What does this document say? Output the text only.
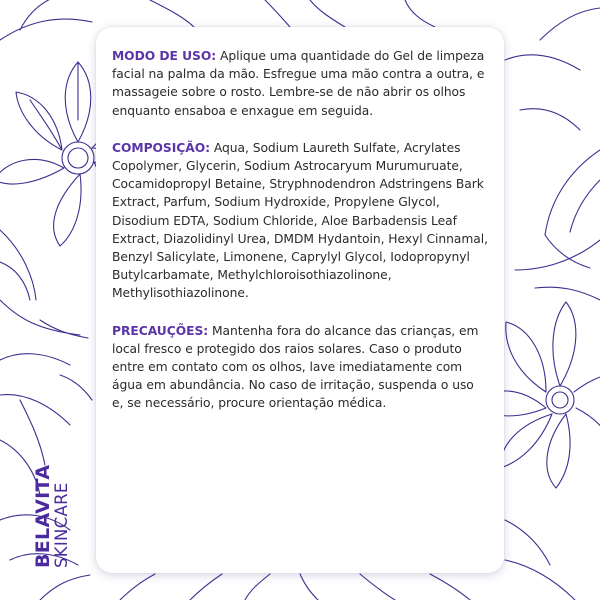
MODO DE USO: Aplique uma quantidade do Gel de limpeza facial na palma da mão. Esfregue uma mão contra a outra, e massageie sobre o rosto. Lembre-se de não abrir os olhos enquanto ensaboa e enxague em seguida.
COMPOSIÇÃO: Aqua, Sodium Laureth Sulfate, Acrylates Copolymer, Glycerin, Sodium Astrocaryum Murumuruate, Cocamidopropyl Betaine, Stryphnodendron Adstringens Bark Extract, Parfum, Sodium Hydroxide, Propylene Glycol, Disodium EDTA, Sodium Chloride, Aloe Barbadensis Leaf Extract, Diazolidinyl Urea, DMDM Hydantoin, Hexyl Cinnamal, Benzyl Salicylate, Limonene, Caprylyl Glycol, Iodopropynyl Butylcarbamate, Methylchloroisothiazolinone, Methylisothiazolinone.
PRECAUÇÕES: Mantenha fora do alcance das crianças, em local fresco e protegido dos raios solares. Caso o produto entre em contato com os olhos, lave imediatamente com água em abundância. No caso de irritação, suspenda o uso e, se necessário, procure orientação médica.
BELAVITA
SKINCARE
